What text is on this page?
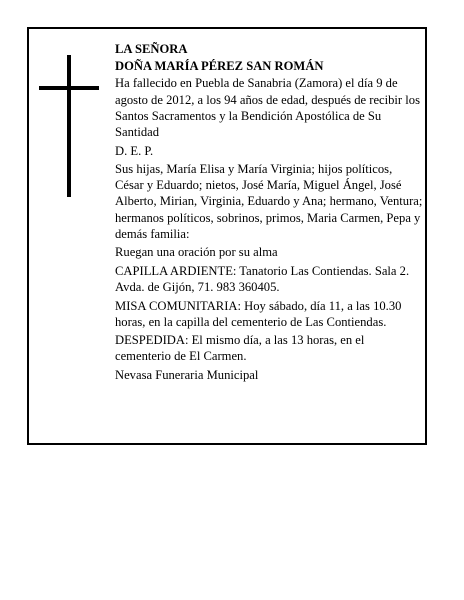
LA SEÑORA

DOÑA MARÍA PÉREZ SAN ROMÁN

Ha fallecido en Puebla de Sanabria (Zamora) el día 9 de agosto de 2012, a los 94 años de edad, después de recibir los Santos Sacramentos y la Bendición Apostólica de Su Santidad

D. E. P.

Sus hijas, María Elisa y María Virginia; hijos políticos, César y Eduardo; nietos, José María, Miguel Ángel, José Alberto, Mirian, Virginia, Eduardo y Ana; hermano, Ventura; hermanos políticos, sobrinos, primos, Maria Carmen, Pepa y demás familia:

Ruegan una oración por su alma

CAPILLA ARDIENTE: Tanatorio Las Contiendas. Sala 2. Avda. de Gijón, 71. 983 360405.

MISA COMUNITARIA: Hoy sábado, día 11, a las 10.30 horas, en la capilla del cementerio de Las Contiendas.

DESPEDIDA: El mismo día, a las 13 horas, en el cementerio de El Carmen.

Nevasa Funeraria Municipal
